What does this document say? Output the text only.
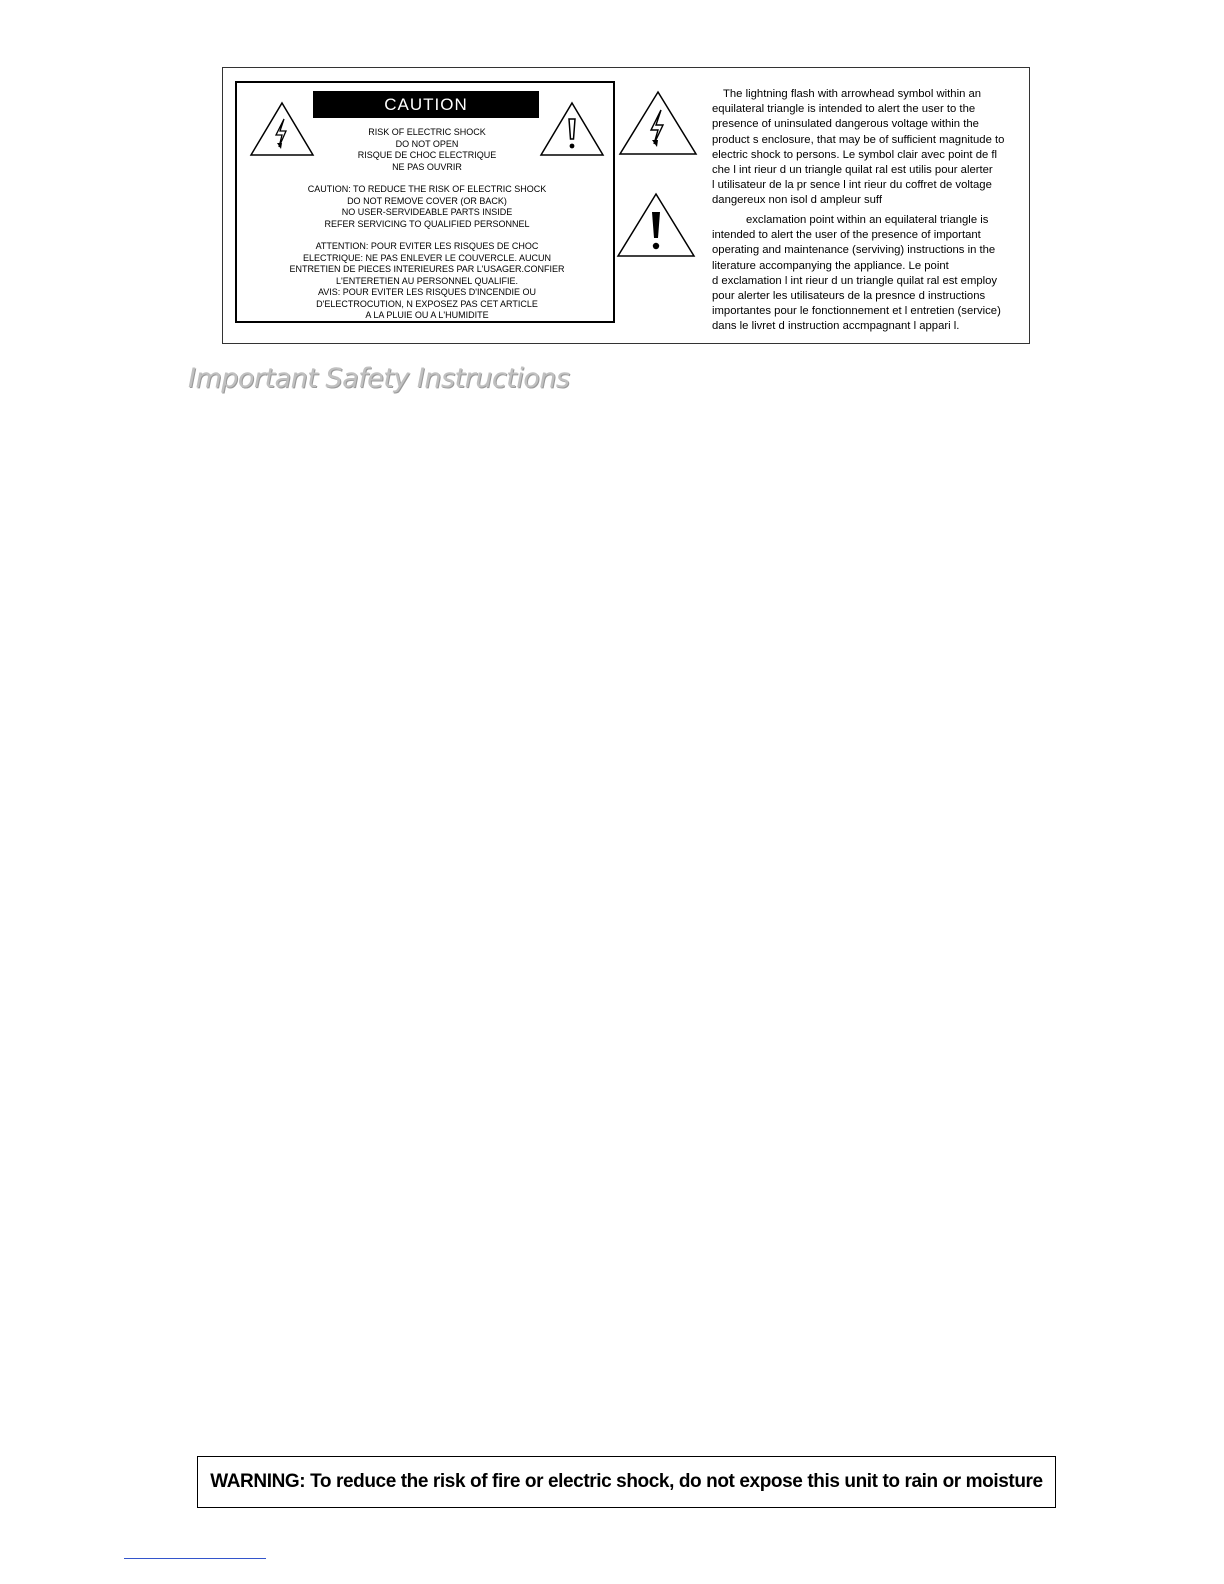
CAUTION
RISK OF ELECTRIC SHOCK
DO NOT OPEN
RISQUE DE CHOC ELECTRIQUE
NE PAS OUVRIR
CAUTION: TO REDUCE THE RISK OF ELECTRIC SHOCK
DO NOT REMOVE COVER (OR BACK)
NO USER-SERVIDEABLE PARTS INSIDE
REFER SERVICING TO QUALIFIED PERSONNEL
ATTENTION: POUR EVITER LES RISQUES DE CHOC
ELECTRIQUE: NE PAS ENLEVER LE COUVERCLE. AUCUN
ENTRETIEN DE PIECES INTERIEURES PAR L'USAGER.CONFIER
L'ENTERETIEN AU PERSONNEL QUALIFIE.
AVIS: POUR EVITER LES RISQUES D'INCENDIE OU
D'ELECTROCUTION, N EXPOSEZ PAS CET ARTICLE
A LA PLUIE OU A L'HUMIDITE
The lightning flash with arrowhead symbol within an
equilateral triangle is intended to alert the user to the
presence of uninsulated dangerous voltage within the
product s enclosure, that may be of sufficient magnitude to
electric shock to persons. Le symbol clair avec point de fl
che l int rieur d un triangle quilat ral est utilis pour alerter
l utilisateur de la pr sence l int rieur du coffret de voltage
dangereux non isol d ampleur suff
exclamation point within an equilateral triangle is
intended to alert the user of the presence of important
operating and maintenance (serviving) instructions in the
literature accompanying the appliance. Le point
d exclamation l int rieur d un triangle quilat ral est employ
pour alerter les utilisateurs de la presnce d instructions
importantes pour le fonctionnement et l entretien (service)
dans le livret d instruction accmpagnant l appari l.
Important Safety Instructions
WARNING: To reduce the risk of fire or electric shock, do not expose this unit to rain or moisture
